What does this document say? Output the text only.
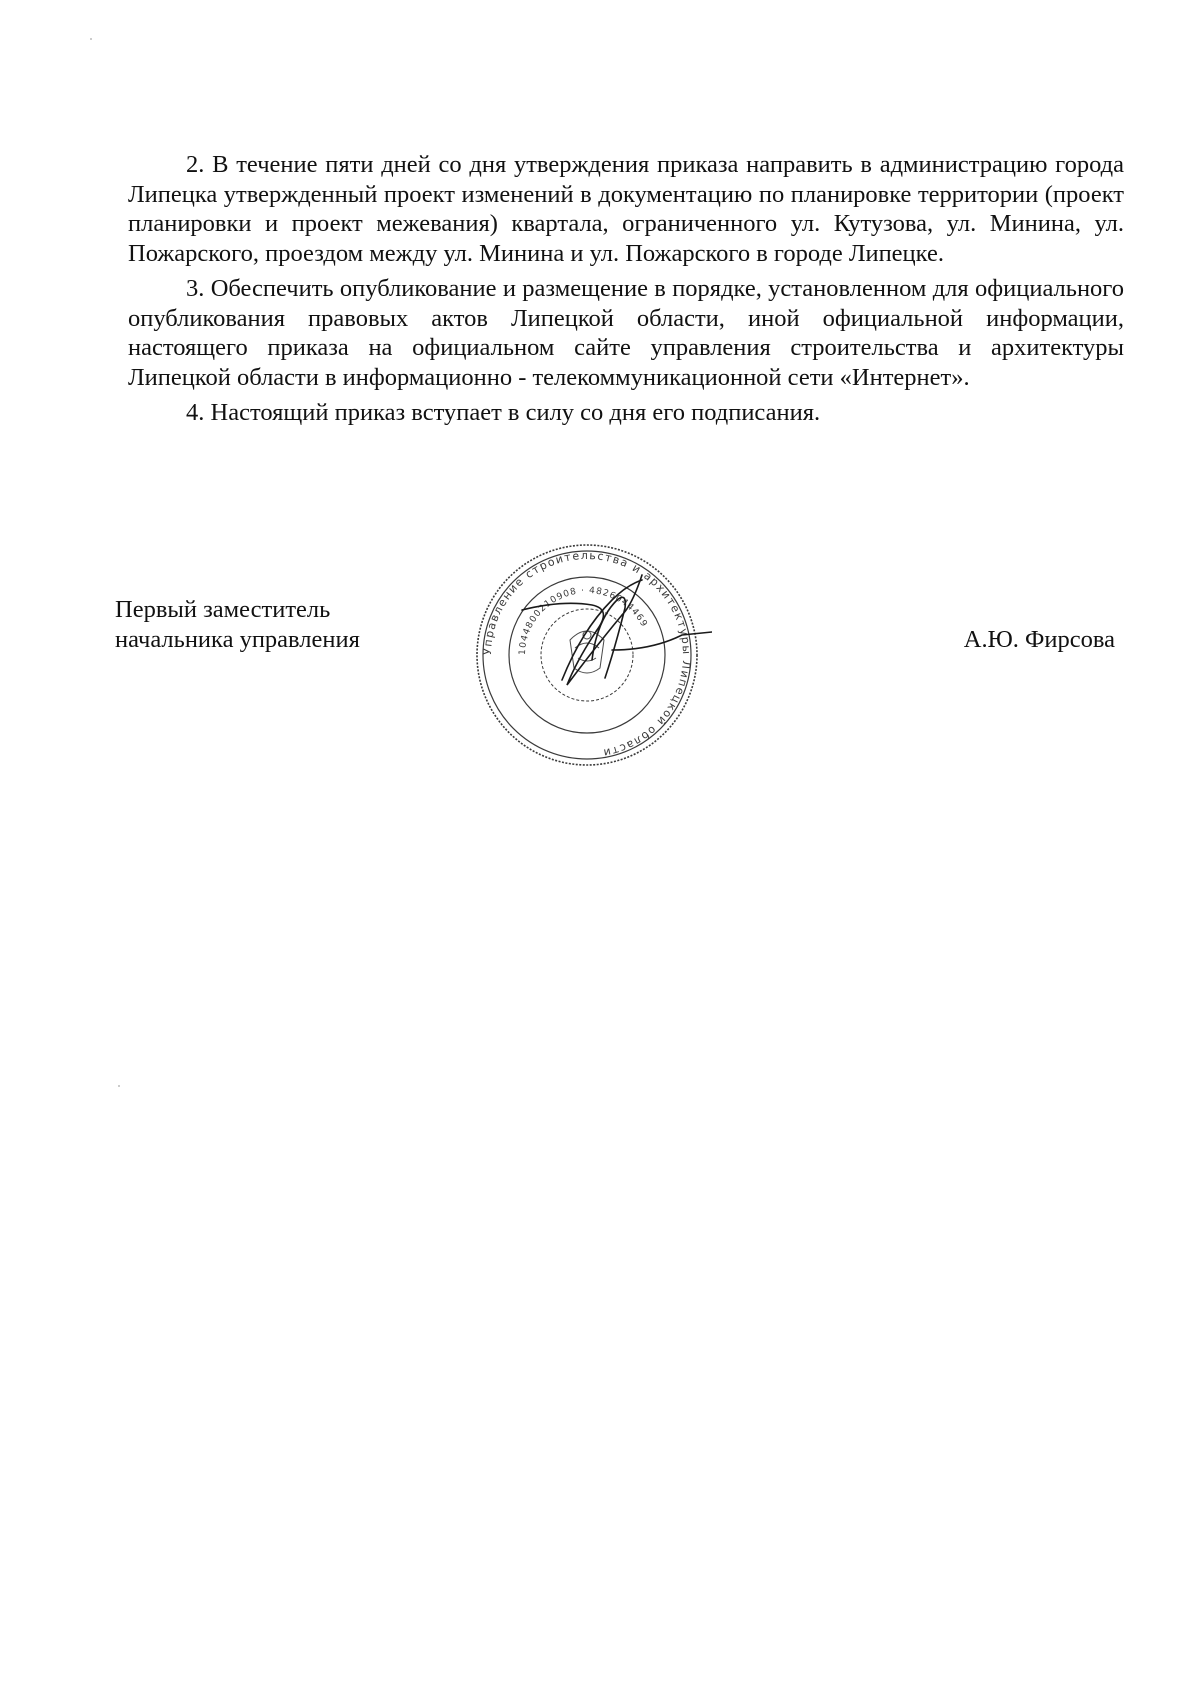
2. В течение пяти дней со дня утверждения приказа направить в администрацию города Липецка утвержденный проект изменений в документацию по планировке территории (проект планировки и проект межевания) квартала, ограниченного ул. Кутузова, ул. Минина, ул. Пожарского, проездом между ул. Минина и ул. Пожарского в городе Липецке.

3. Обеспечить опубликование и размещение в порядке, установленном для официального опубликования правовых актов Липецкой области, иной официальной информации, настоящего приказа на официальном сайте управления строительства и архитектуры Липецкой области в информационно - телекоммуникационной сети «Интернет».

4. Настоящий приказ вступает в силу со дня его подписания.

Первый заместитель
начальника управления	Управление строительства и архитектуры Липецкой области
1044800210908 · 4826044469
А.Ю. Фирсова
